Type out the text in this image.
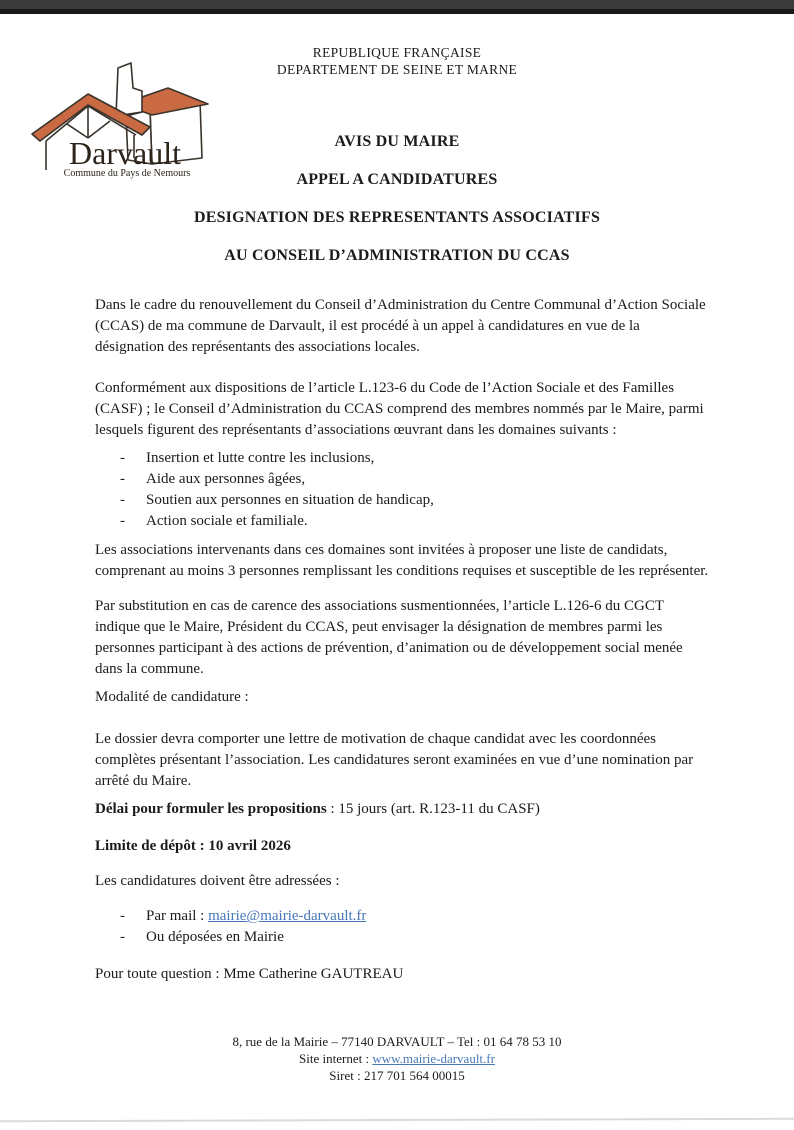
REPUBLIQUE FRANÇAISE
DEPARTEMENT DE SEINE ET MARNE
Darvault
Commune du Pays de Nemours
AVIS DU MAIRE
APPEL A CANDIDATURES
DESIGNATION DES REPRESENTANTS ASSOCIATIFS
AU CONSEIL D’ADMINISTRATION DU CCAS

Dans le cadre du renouvellement du Conseil d’Administration du Centre Communal d’Action Sociale (CCAS) de ma commune de Darvault, il est procédé à un appel à candidatures en vue de la désignation des représentants des associations locales.

Conformément aux dispositions de l’article L.123-6 du Code de l’Action Sociale et des Familles (CASF) ; le Conseil d’Administration du CCAS comprend des membres nommés par le Maire, parmi lesquels figurent des représentants d’associations œuvrant dans les domaines suivants :

- Insertion et lutte contre les inclusions,
- Aide aux personnes âgées,
- Soutien aux personnes en situation de handicap,
- Action sociale et familiale.

Les associations intervenants dans ces domaines sont invitées à proposer une liste de candidats, comprenant au moins 3 personnes remplissant les conditions requises et susceptible de les représenter.

Par substitution en cas de carence des associations susmentionnées, l’article L.126-6 du CGCT indique que le Maire, Président du CCAS, peut envisager la désignation de membres parmi les personnes participant à des actions de prévention, d’animation ou de développement social menée dans la commune.

Modalité de candidature :

Le dossier devra comporter une lettre de motivation de chaque candidat avec les coordonnées complètes présentant l’association. Les candidatures seront examinées en vue d’une nomination par arrêté du Maire.

Délai pour formuler les propositions : 15 jours (art. R.123-11 du CASF)

Limite de dépôt : 10 avril 2026

Les candidatures doivent être adressées :

- Par mail : mairie@mairie-darvault.fr
- Ou déposées en Mairie

Pour toute question : Mme Catherine GAUTREAU

8, rue de la Mairie – 77140 DARVAULT – Tel : 01 64 78 53 10
Site internet : www.mairie-darvault.fr
Siret : 217 701 564 00015
